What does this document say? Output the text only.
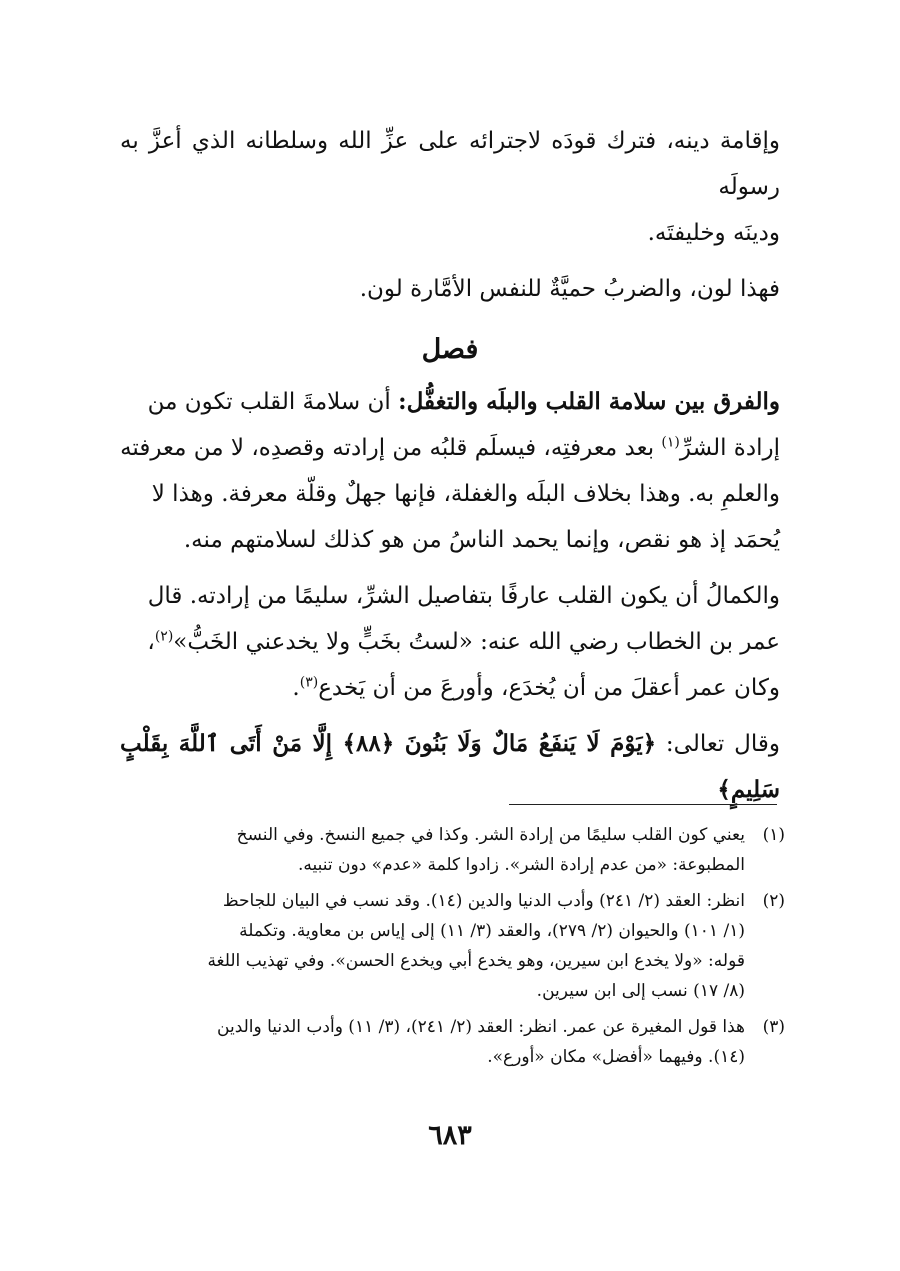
وإقامة دينه، فترك قودَه لاجترائه على عزِّ الله وسلطانه الذي أعزَّ به رسولَه

ودينَه وخليفتَه.

فهذا لون، والضربُ حميَّةٌ للنفس الأمَّارة لون.

فصل

والفرق بين سلامة القلب والبلَه والتغفُّل: أن سلامةَ القلب تكون من

إرادة الشرِّ$^{(١)}$ بعد معرفتِه، فيسلَم قلبُه من إرادته وقصدِه، لا من معرفته

والعلمِ به. وهذا بخلاف البلَه والغفلة، فإنها جهلٌ وقلّة معرفة. وهذا لا

يُحمَد إذ هو نقص، وإنما يحمد الناسُ من هو كذلك لسلامتهم منه.

والكمالُ أن يكون القلب عارفًا بتفاصيل الشرِّ، سليمًا من إرادته. قال

عمر بن الخطاب رضي الله عنه: «لستُ بخَبٍّ ولا يخدعني الخَبُّ»$^{(٢)}$،

وكان عمر أعقلَ من أن يُخدَع، وأورعَ من أن يَخدع$^{(٣)}$.

وقال تعالى: ﴿يَوْمَ لَا يَنفَعُ مَالٌ وَلَا بَنُونَ ﴿٨٨﴾ إِلَّا مَنْ أَتَى ٱللَّهَ بِقَلْبٍ سَلِيمٍ﴾

(١)
يعني كون القلب سليمًا من إرادة الشر. وكذا في جميع النسخ. وفي النسخ
المطبوعة: «من عدم إرادة الشر». زادوا كلمة «عدم» دون تنبيه.
(٢)
انظر: العقد (٢/ ٢٤١) وأدب الدنيا والدين (١٤). وقد نسب في البيان للجاحظ
(١/ ١٠١) والحيوان (٢/ ٢٧٩)، والعقد (٣/ ١١) إلى إياس بن معاوية. وتكملة
قوله: «ولا يخدع ابن سيرين، وهو يخدع أبي ويخدع الحسن». وفي تهذيب اللغة
(٨/ ١٧) نسب إلى ابن سيرين.
(٣)
هذا قول المغيرة عن عمر. انظر: العقد (٢/ ٢٤١)، (٣/ ١١) وأدب الدنيا والدين
(١٤). وفيهما «أفضل» مكان «أورع».
٦٨٣
